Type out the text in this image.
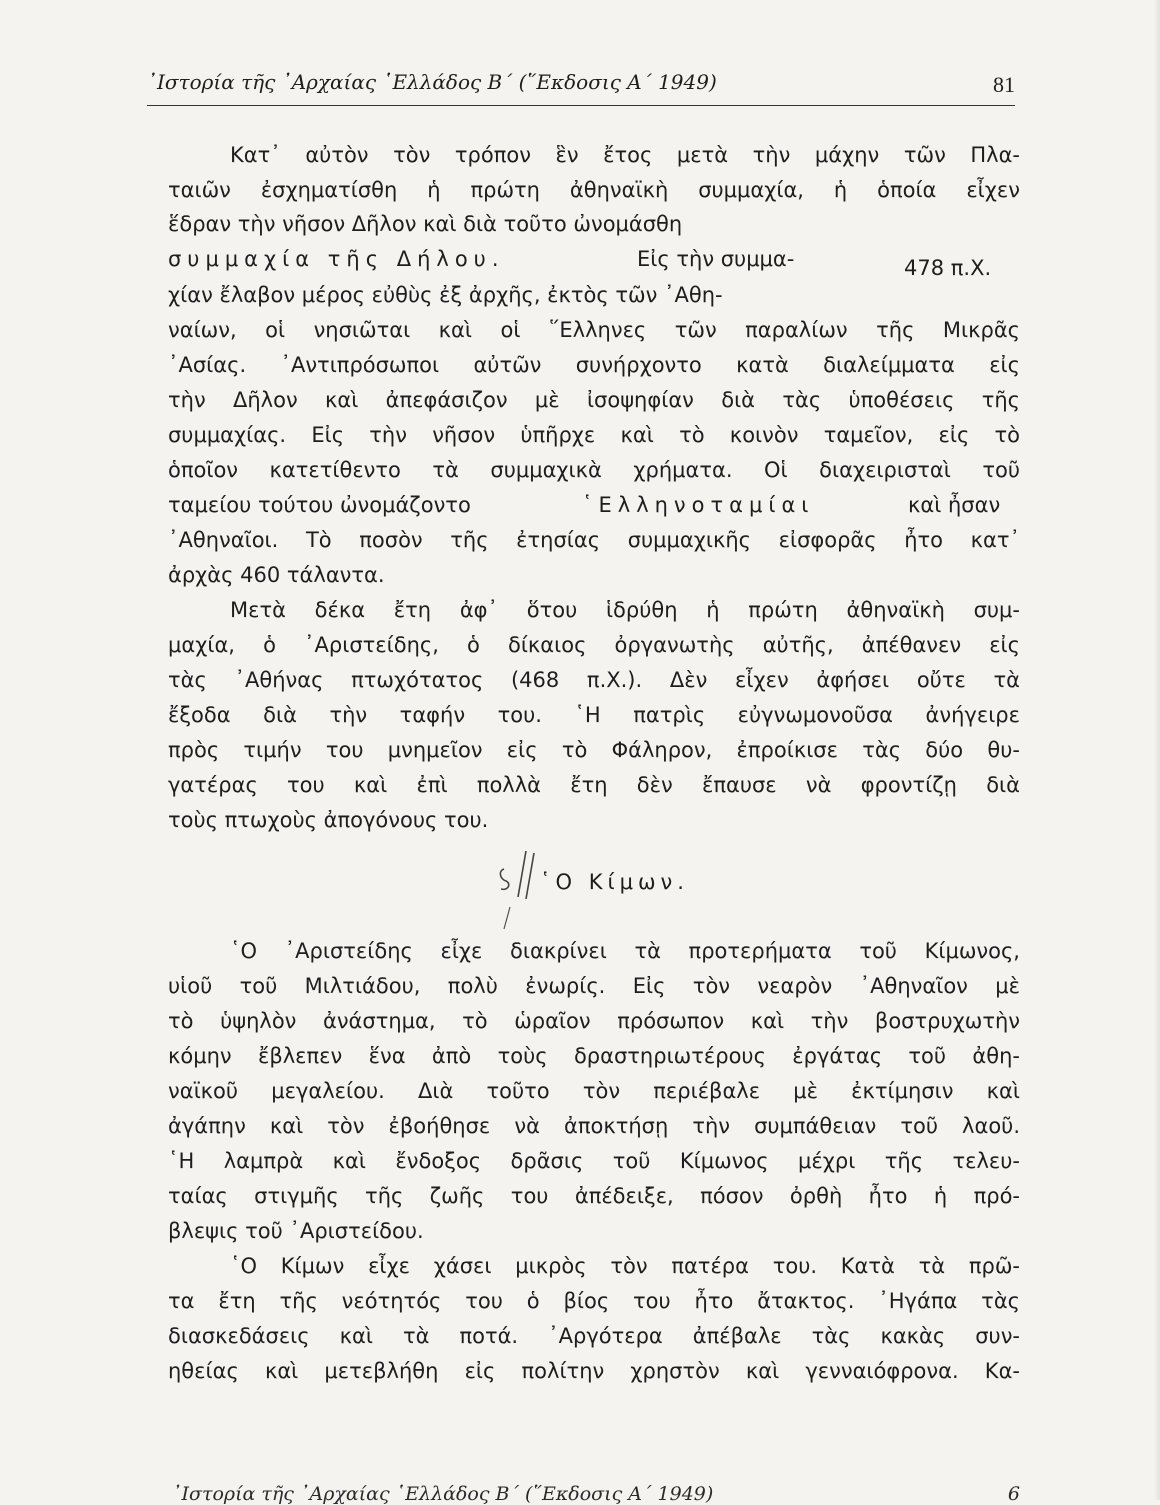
᾿Ιστορία τῆς ᾿Αρχαίας ῾Ελλάδος Β΄ (῞Εκδοσις Α΄ 1949)	81
Κατ᾿ αὐτὸν τὸν τρόπον ἓν ἔτος μετὰ τὴν μάχην τῶν Πλα-
ταιῶν ἐσχηματίσθη ἡ πρώτη ἀθηναϊκὴ συμμαχία, ἡ ὁποία εἶχεν
ἕδραν τὴν νῆσον Δῆλον καὶ διὰ τοῦτο ὠνομάσθη
συμμαχία τῆς Δήλου.	Εἰς τὴν συμμα-
χίαν ἔλαβον μέρος εὐθὺς ἐξ ἀρχῆς, ἐκτὸς τῶν ᾿Αθη-
ναίων, οἱ νησιῶται καὶ οἱ ῞Ελληνες τῶν παραλίων τῆς Μικρᾶς
᾿Ασίας. ᾿Αντιπρόσωποι αὐτῶν συνήρχοντο κατὰ διαλείμματα εἰς
τὴν Δῆλον καὶ ἀπεφάσιζον μὲ ἰσοψηφίαν διὰ τὰς ὑποθέσεις τῆς
συμμαχίας. Εἰς τὴν νῆσον ὑπῆρχε καὶ τὸ κοινὸν ταμεῖον, εἰς τὸ
ὁποῖον κατετίθεντο τὰ συμμαχικὰ χρήματα. Οἱ διαχειρισταὶ τοῦ
ταμείου τούτου ὠνομάζοντο	῾Ελληνοταμίαι	καὶ ἦσαν
᾿Αθηναῖοι. Τὸ ποσὸν τῆς ἐτησίας συμμαχικῆς εἰσφορᾶς ἦτο κατ᾿
ἀρχὰς 460 τάλαντα.
Μετὰ δέκα ἔτη ἀφ᾿ ὅτου ἱδρύθη ἡ πρώτη ἀθηναϊκὴ συμ-
μαχία, ὁ ᾿Αριστείδης, ὁ δίκαιος ὀργανωτὴς αὐτῆς, ἀπέθανεν εἰς
τὰς ᾿Αθήνας πτωχότατος (468 π.Χ.). Δὲν εἶχεν ἀφήσει οὔτε τὰ
ἔξοδα διὰ τὴν ταφήν του. ῾Η πατρὶς εὐγνωμονοῦσα ἀνήγειρε
πρὸς τιμήν του μνημεῖον εἰς τὸ Φάληρον, ἐπροίκισε τὰς δύο θυ-
γατέρας του καὶ ἐπὶ πολλὰ ἔτη δὲν ἔπαυσε νὰ φροντίζῃ διὰ
τοὺς πτωχοὺς ἀπογόνους του.
῾Ο ᾿Αριστείδης εἶχε διακρίνει τὰ προτερήματα τοῦ Κίμωνος,
υἱοῦ τοῦ Μιλτιάδου, πολὺ ἐνωρίς. Εἰς τὸν νεαρὸν ᾿Αθηναῖον μὲ
τὸ ὑψηλὸν ἀνάστημα, τὸ ὡραῖον πρόσωπον καὶ τὴν βοστρυχωτὴν
κόμην ἔβλεπεν ἕνα ἀπὸ τοὺς δραστηριωτέρους ἐργάτας τοῦ ἀθη-
ναϊκοῦ μεγαλείου. Διὰ τοῦτο τὸν περιέβαλε μὲ ἐκτίμησιν καὶ
ἀγάπην καὶ τὸν ἐβοήθησε νὰ ἀποκτήσῃ τὴν συμπάθειαν τοῦ λαοῦ.
῾Η λαμπρὰ καὶ ἔνδοξος δρᾶσις τοῦ Κίμωνος μέχρι τῆς τελευ-
ταίας στιγμῆς τῆς ζωῆς του ἀπέδειξε, πόσον ὀρθὴ ἦτο ἡ πρό-
βλεψις τοῦ ᾿Αριστείδου.
῾Ο Κίμων εἶχε χάσει μικρὸς τὸν πατέρα του. Κατὰ τὰ πρῶ-
τα ἔτη τῆς νεότητός του ὁ βίος του ἦτο ἄτακτος. ᾿Ηγάπα τὰς
διασκεδάσεις καὶ τὰ ποτά. ᾿Αργότερα ἀπέβαλε τὰς κακὰς συν-
ηθείας καὶ μετεβλήθη εἰς πολίτην χρηστὸν καὶ γενναιόφρονα. Κα-
478 π.Χ.
῾Ο Κίμων.
᾿Ιστορία τῆς ᾿Αρχαίας ῾Ελλάδος Β΄ (῞Εκδοσις Α΄ 1949)	6
